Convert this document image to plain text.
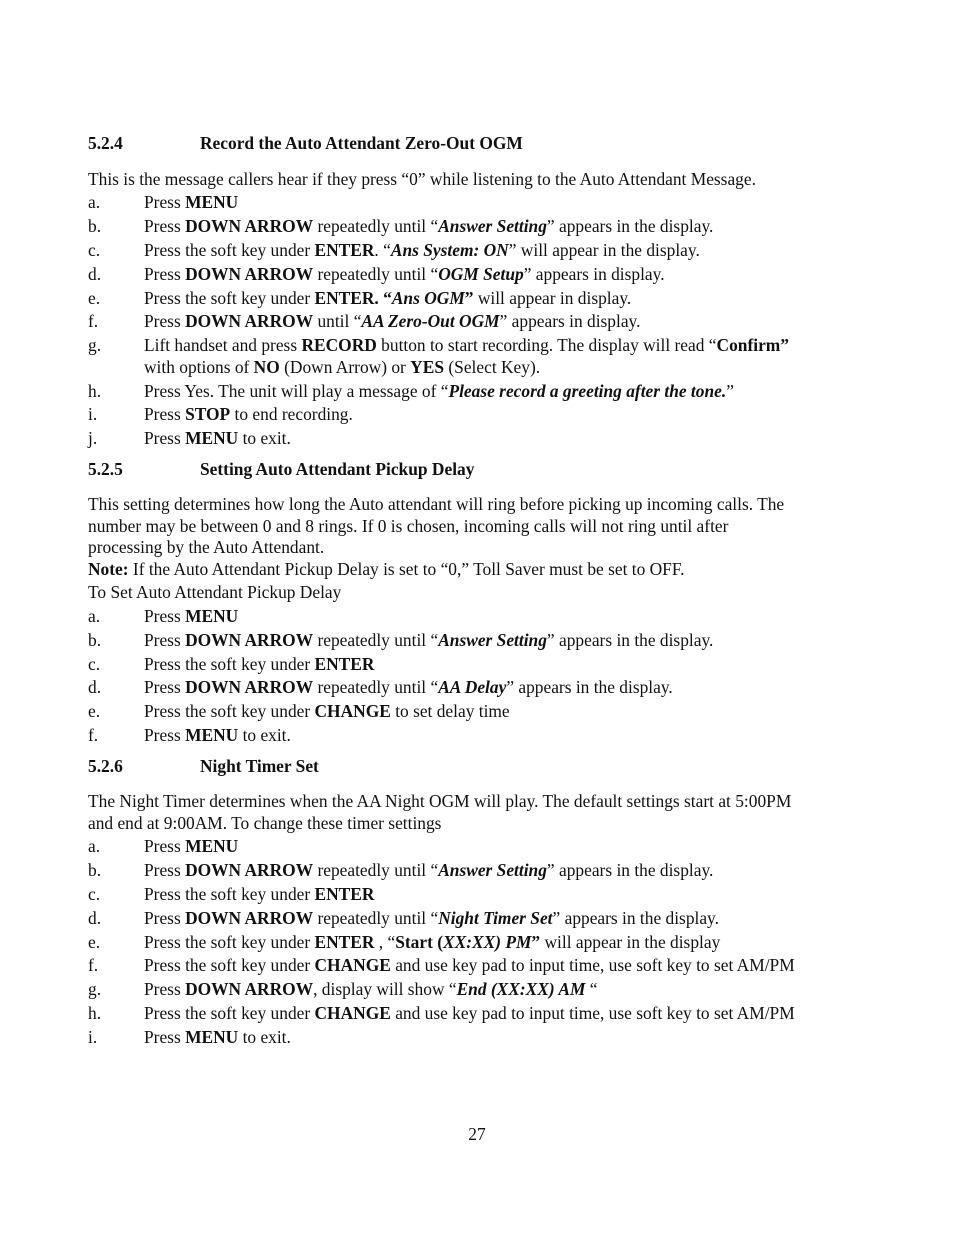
5.2.4	Record the Auto Attendant Zero-Out OGM
This is the message callers hear if they press “0” while listening to the Auto Attendant Message.
a.	Press MENU
b. Press DOWN ARROW repeatedly until “Answer Setting” appears in the display.
c.	Press the soft key under ENTER. “Ans System: ON” will appear in the display.
d. Press DOWN ARROW repeatedly until “OGM Setup” appears in display.
e.	Press the soft key under ENTER. “Ans OGM” will appear in display.
f.	Press DOWN ARROW until “AA Zero-Out OGM” appears in display.
g. Lift handset and press RECORD button to start recording. The display will read “Confirm”
with options of NO (Down Arrow) or YES (Select Key).
h. Press Yes. The unit will play a message of “Please record a greeting after the tone.”
i.	Press STOP to end recording.
j.	Press MENU to exit.
5.2.5	Setting Auto Attendant Pickup Delay
This setting determines how long the Auto attendant will ring before picking up incoming calls. The
number may be between 0 and 8 rings. If 0 is chosen, incoming calls will not ring until after
processing by the Auto Attendant.
Note: If the Auto Attendant Pickup Delay is set to “0,” Toll Saver must be set to OFF.
To Set Auto Attendant Pickup Delay
a.	Press MENU
b. Press DOWN ARROW repeatedly until “Answer Setting” appears in the display.
c.	Press the soft key under ENTER
d. Press DOWN ARROW repeatedly until “AA Delay” appears in the display.
e.	Press the soft key under CHANGE to set delay time
f.	Press MENU to exit.
5.2.6	Night Timer Set
The Night Timer determines when the AA Night OGM will play. The default settings start at 5:00PM
and end at 9:00AM. To change these timer settings
a.	Press MENU
b. Press DOWN ARROW repeatedly until “Answer Setting” appears in the display.
c.	Press the soft key under ENTER
d. Press DOWN ARROW repeatedly until “Night Timer Set” appears in the display.
e.	Press the soft key under ENTER , “Start (XX:XX) PM” will appear in the display
f.	Press the soft key under CHANGE and use key pad to input time, use soft key to set AM/PM
g. Press DOWN ARROW, display will show “End (XX:XX) AM “
h. Press the soft key under CHANGE and use key pad to input time, use soft key to set AM/PM
i.	Press MENU to exit.
27
